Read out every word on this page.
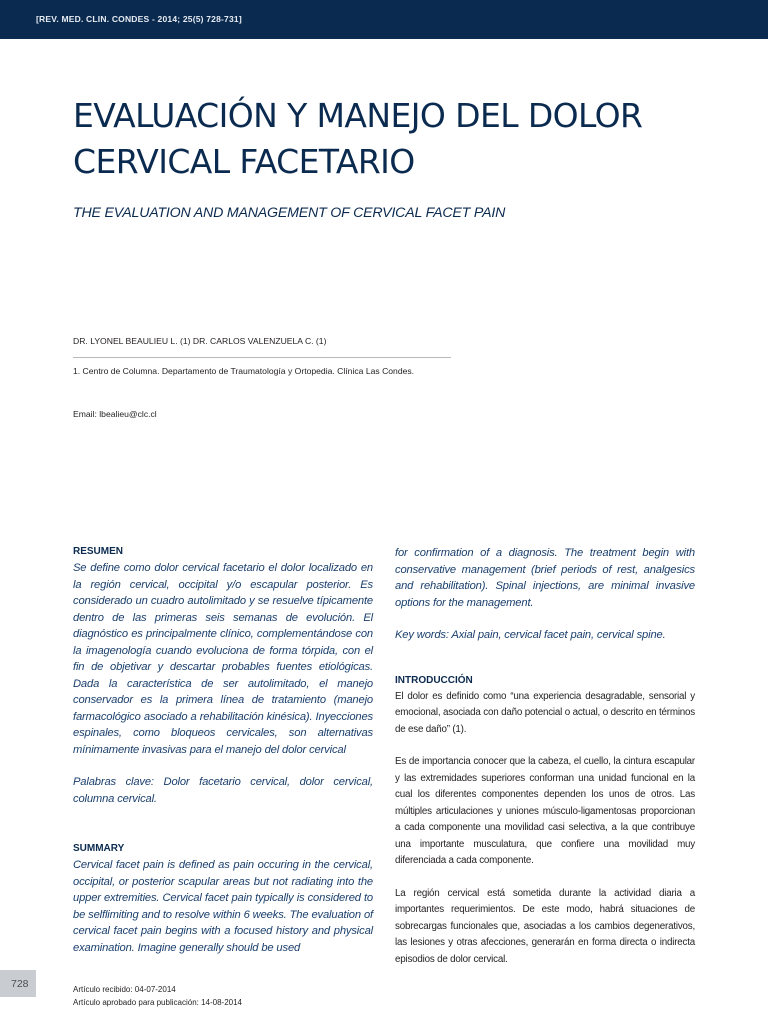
[REV. MED. CLIN. CONDES - 2014; 25(5) 728-731]
EVALUACIÓN Y MANEJO DEL DOLOR CERVICAL FACETARIO
THE EVALUATION AND MANAGEMENT OF CERVICAL FACET PAIN
DR. LYONEL BEAULIEU L. (1) DR. CARLOS VALENZUELA C. (1)
1. Centro de Columna. Departamento de Traumatología y Ortopedia. Clínica Las Condes.
Email: lbealieu@clc.cl
RESUMEN

Se define como dolor cervical facetario el dolor localizado en la región cervical, occipital y/o escapular posterior. Es considerado un cuadro autolimitado y se resuelve típicamente dentro de las primeras seis semanas de evolución. El diagnóstico es principalmente clínico, complementándose con la imagenología cuando evoluciona de forma tórpida, con el fin de objetivar y descartar probables fuentes etiológicas. Dada la característica de ser autolimitado, el manejo conservador es la primera línea de tratamiento (manejo farmacológico asociado a rehabilitación kinésica). Inyecciones espinales, como bloqueos cervicales, son alternativas mínimamente invasivas para el manejo del dolor cervical

Palabras clave: Dolor facetario cervical, dolor cervical, columna cervical.

SUMMARY

Cervical facet pain is defined as pain occuring in the cervical, occipital, or posterior scapular areas but not radiating into the upper extremities. Cervical facet pain typically is considered to be selflimiting and to resolve within 6 weeks. The evaluation of cervical facet pain begins with a focused history and physical examination. Imagine generally should be used

for confirmation of a diagnosis. The treatment begin with conservative management (brief periods of rest, analgesics and rehabilitation). Spinal injections, are minimal invasive options for the management.

Key words: Axial pain, cervical facet pain, cervical spine.

INTRODUCCIÓN

El dolor es definido como “una experiencia desagradable, sensorial y emocional, asociada con daño potencial o actual, o descrito en términos de ese daño” (1).

Es de importancia conocer que la cabeza, el cuello, la cintura escapular y las extremidades superiores conforman una unidad funcional en la cual los diferentes componentes dependen los unos de otros. Las múltiples articulaciones y uniones músculo-ligamentosas proporcionan a cada componente una movilidad casi selectiva, a la que contribuye una importante musculatura, que confiere una movilidad muy diferenciada a cada componente.

La región cervical está sometida durante la actividad diaria a importantes requerimientos. De este modo, habrá situaciones de sobrecargas funcionales que, asociadas a los cambios degenerativos, las lesiones y otras afecciones, generarán en forma directa o indirecta episodios de dolor cervical.

728	Artículo recibido: 04-07-2014
Artículo aprobado para publicación: 14-08-2014
